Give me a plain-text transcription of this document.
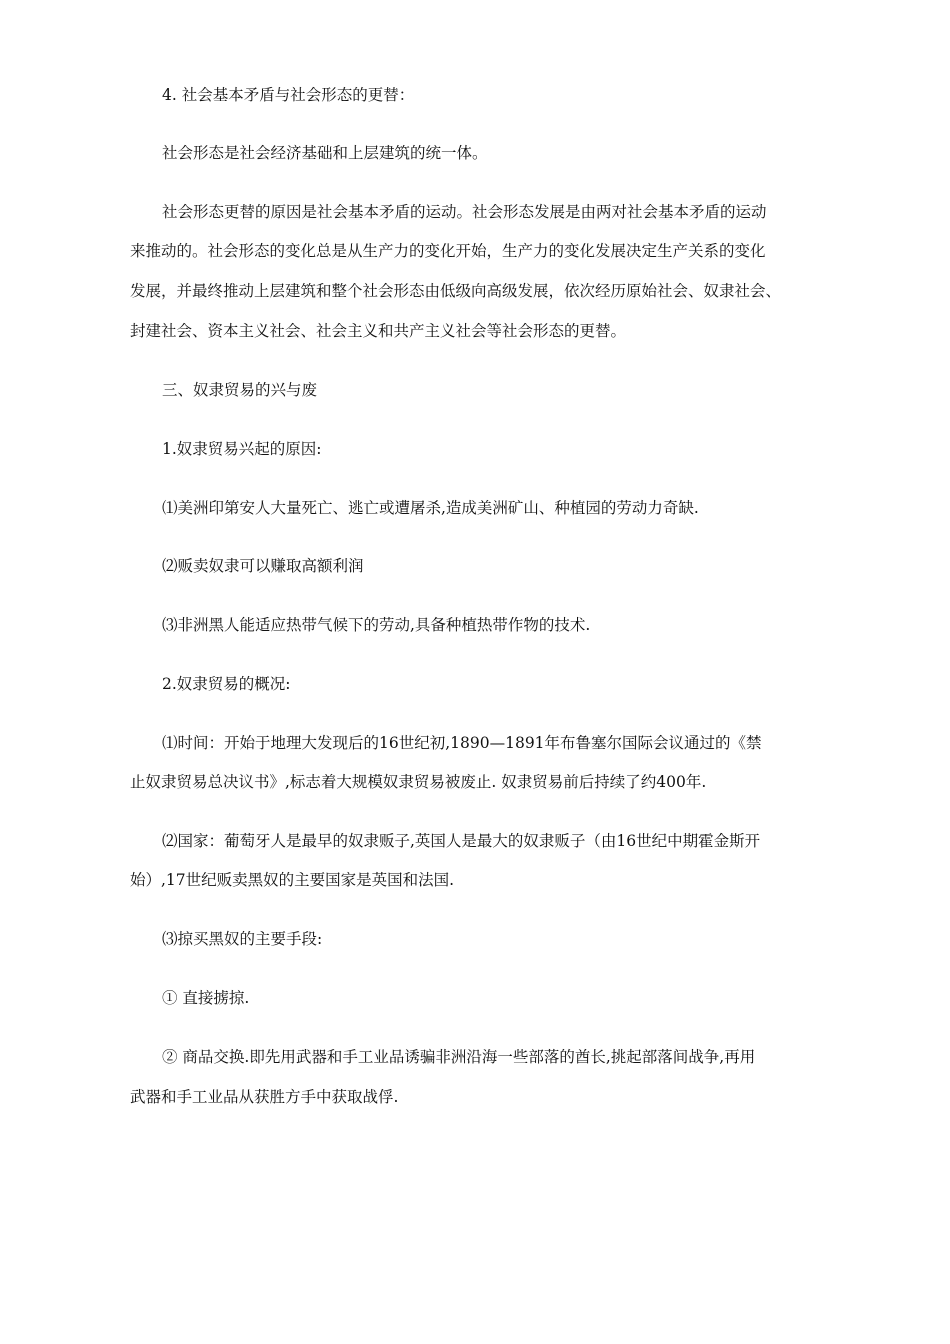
4. 社会基本矛盾与社会形态的更替：
社会形态是社会经济基础和上层建筑的统一体。
社会形态更替的原因是社会基本矛盾的运动。社会形态发展是由两对社会基本矛盾的运动
来推动的。社会形态的变化总是从生产力的变化开始，生产力的变化发展决定生产关系的变化
发展，并最终推动上层建筑和整个社会形态由低级向高级发展，依次经历原始社会、奴隶社会、
封建社会、资本主义社会、社会主义和共产主义社会等社会形态的更替。
三、奴隶贸易的兴与废
1.奴隶贸易兴起的原因:
⑴美洲印第安人大量死亡、逃亡或遭屠杀,造成美洲矿山、种植园的劳动力奇缺.
⑵贩卖奴隶可以赚取高额利润
⑶非洲黑人能适应热带气候下的劳动,具备种植热带作物的技术.
2.奴隶贸易的概况:
⑴时间：开始于地理大发现后的16世纪初,1890—1891年布鲁塞尔国际会议通过的《禁
止奴隶贸易总决议书》,标志着大规模奴隶贸易被废止. 奴隶贸易前后持续了约400年.
⑵国家：葡萄牙人是最早的奴隶贩子,英国人是最大的奴隶贩子（由16世纪中期霍金斯开
始）,17世纪贩卖黑奴的主要国家是英国和法国.
⑶掠买黑奴的主要手段:
① 直接掳掠.
② 商品交换.即先用武器和手工业品诱骗非洲沿海一些部落的酋长,挑起部落间战争,再用
武器和手工业品从获胜方手中获取战俘.
